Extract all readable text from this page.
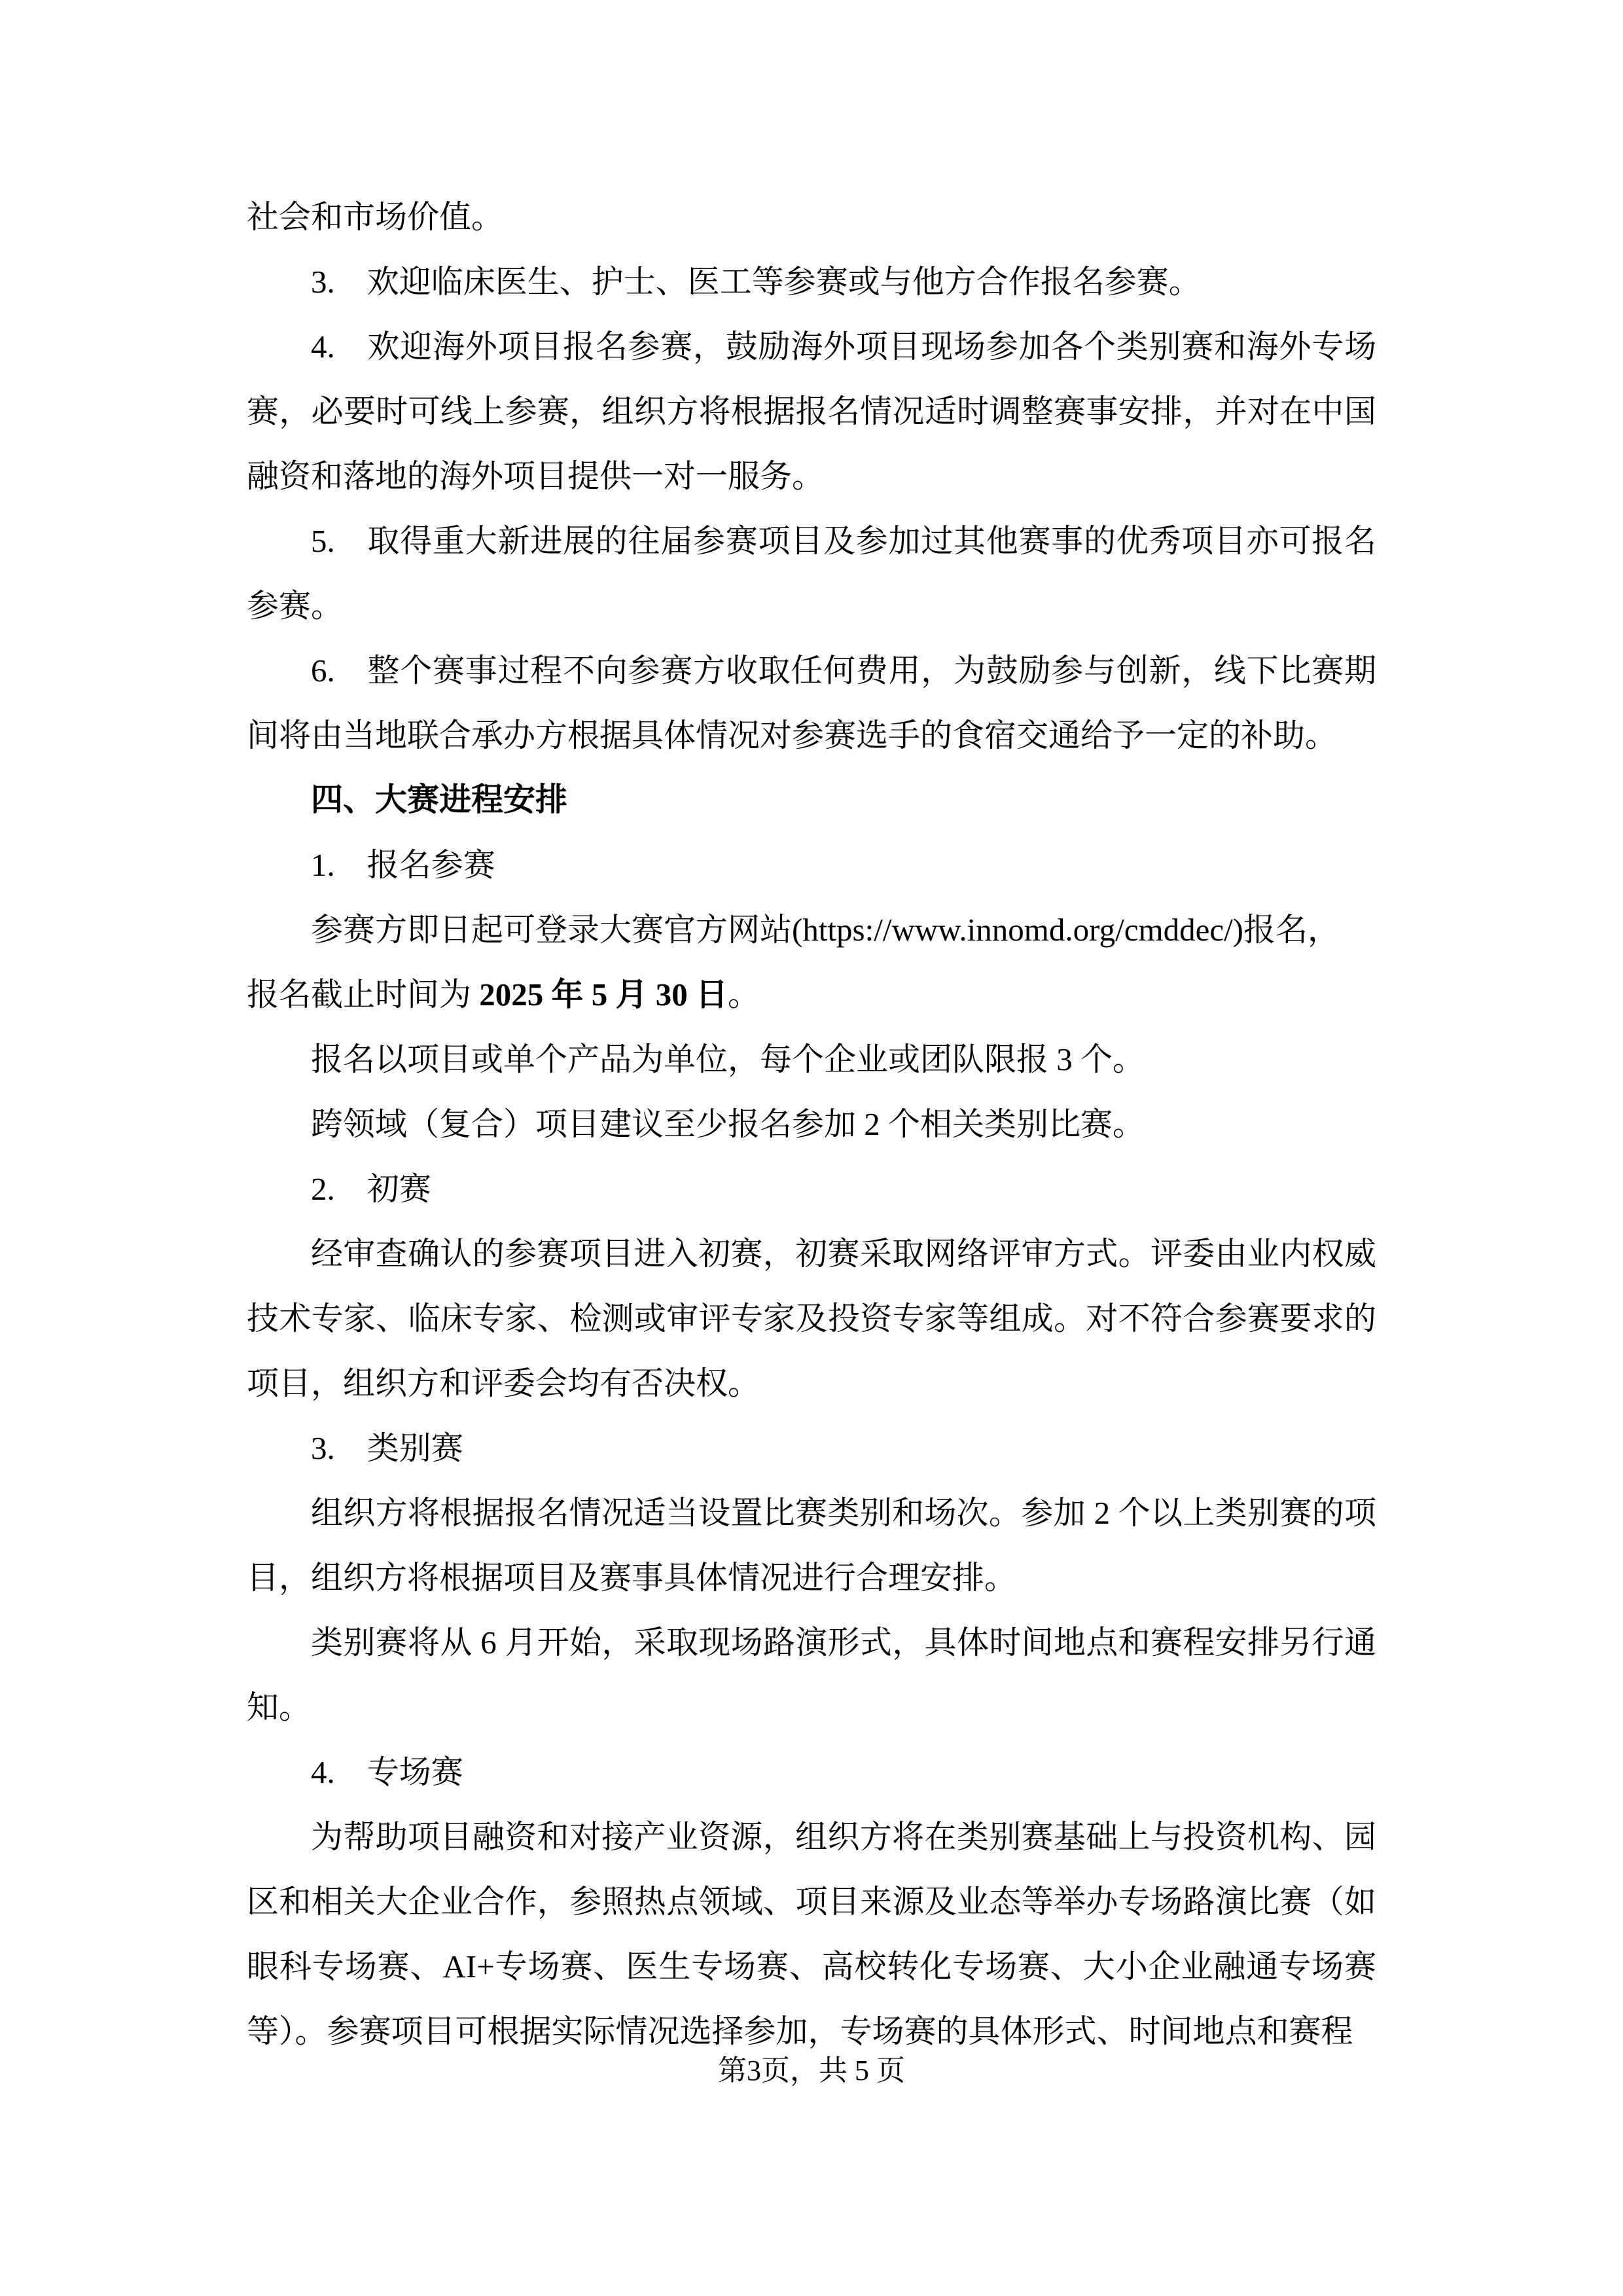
社会和市场价值。

3. 欢迎临床医生、护士、医工等参赛或与他方合作报名参赛。

4. 欢迎海外项目报名参赛，鼓励海外项目现场参加各个类别赛和海外专场赛，必要时可线上参赛，组织方将根据报名情况适时调整赛事安排，并对在中国融资和落地的海外项目提供一对一服务。

5. 取得重大新进展的往届参赛项目及参加过其他赛事的优秀项目亦可报名参赛。

6. 整个赛事过程不向参赛方收取任何费用，为鼓励参与创新，线下比赛期间将由当地联合承办方根据具体情况对参赛选手的食宿交通给予一定的补助。

四、大赛进程安排

1. 报名参赛

参赛方即日起可登录大赛官方网站(https://www.innomd.org/cmddec/)报名，

报名截止时间为 2025 年 5 月 30 日。

报名以项目或单个产品为单位，每个企业或团队限报 3 个。

跨领域（复合）项目建议至少报名参加 2 个相关类别比赛。

2. 初赛

经审查确认的参赛项目进入初赛，初赛采取网络评审方式。评委由业内权威技术专家、临床专家、检测或审评专家及投资专家等组成。对不符合参赛要求的项目，组织方和评委会均有否决权。

3. 类别赛

组织方将根据报名情况适当设置比赛类别和场次。参加 2 个以上类别赛的项目，组织方将根据项目及赛事具体情况进行合理安排。

类别赛将从 6 月开始，采取现场路演形式，具体时间地点和赛程安排另行通知。

4. 专场赛

为帮助项目融资和对接产业资源，组织方将在类别赛基础上与投资机构、园区和相关大企业合作，参照热点领域、项目来源及业态等举办专场路演比赛（如眼科专场赛、AI+专场赛、医生专场赛、高校转化专场赛、大小企业融通专场赛等）。参赛项目可根据实际情况选择参加，专场赛的具体形式、时间地点和赛程

第3页，共 5 页
